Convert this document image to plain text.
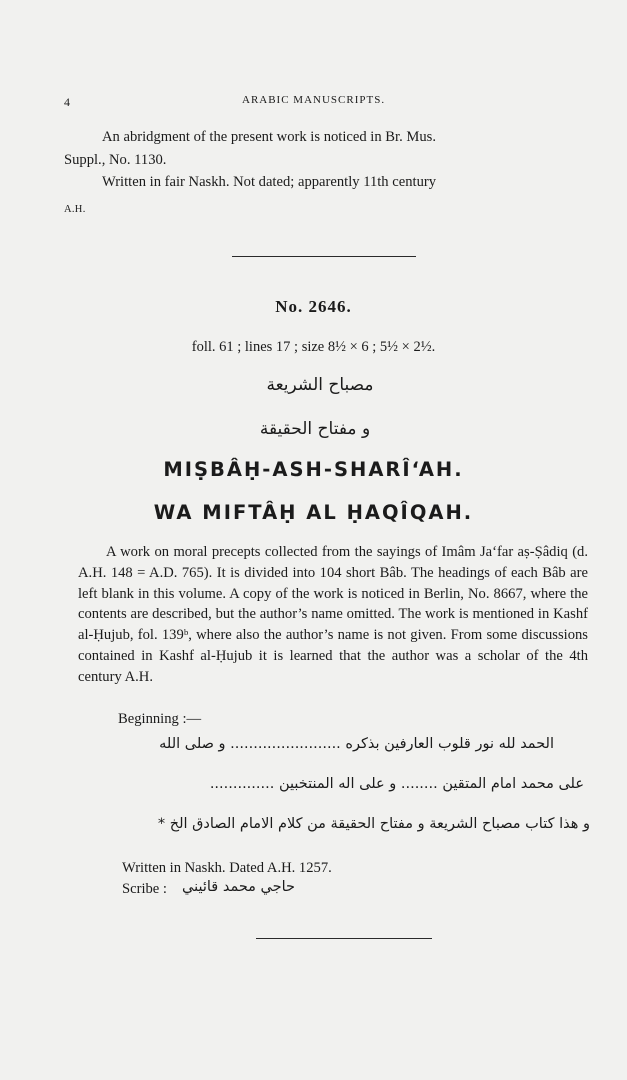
4	ARABIC MANUSCRIPTS.
An abridgment of the present work is noticed in Br. Mus.
Suppl., No. 1130.
Written in fair Naskh. Not dated; apparently 11th century
A.H.
No. 2646.
foll. 61 ; lines 17 ; size 8½ × 6 ; 5½ × 2½.
مصباح الشريعة
و مفتاح الحقيقة
MIṢBÂḤ-ASH-SHARÎ‘AH.
WA MIFTÂḤ AL ḤAQÎQAH.

A work on moral precepts collected from the sayings of Imâm Ja‘far aṣ-Ṣâdiq (d. A.H. 148 = A.D. 765). It is divided into 104 short Bâb. The headings of each Bâb are left blank in this volume. A copy of the work is noticed in Berlin, No. 8667, where the contents are described, but the author’s name omitted. The work is mentioned in Kashf al-Ḥujub, fol. 139ᵇ, where also the author’s name is not given. From some discussions contained in Kashf al-Ḥujub it is learned that the author was a scholar of the 4th century A.H.

Beginning :—
الحمد لله نور قلوب العارفين بذكره ........................ و صلى الله
على محمد امام المتقين ........ و على اله المنتخبين ..............
و هذا كتاب مصباح الشريعة و مفتاح الحقيقة من كلام الامام الصادق الخ *
Written in Naskh. Dated A.H. 1257.
Scribe : حاجي محمد قائيني
